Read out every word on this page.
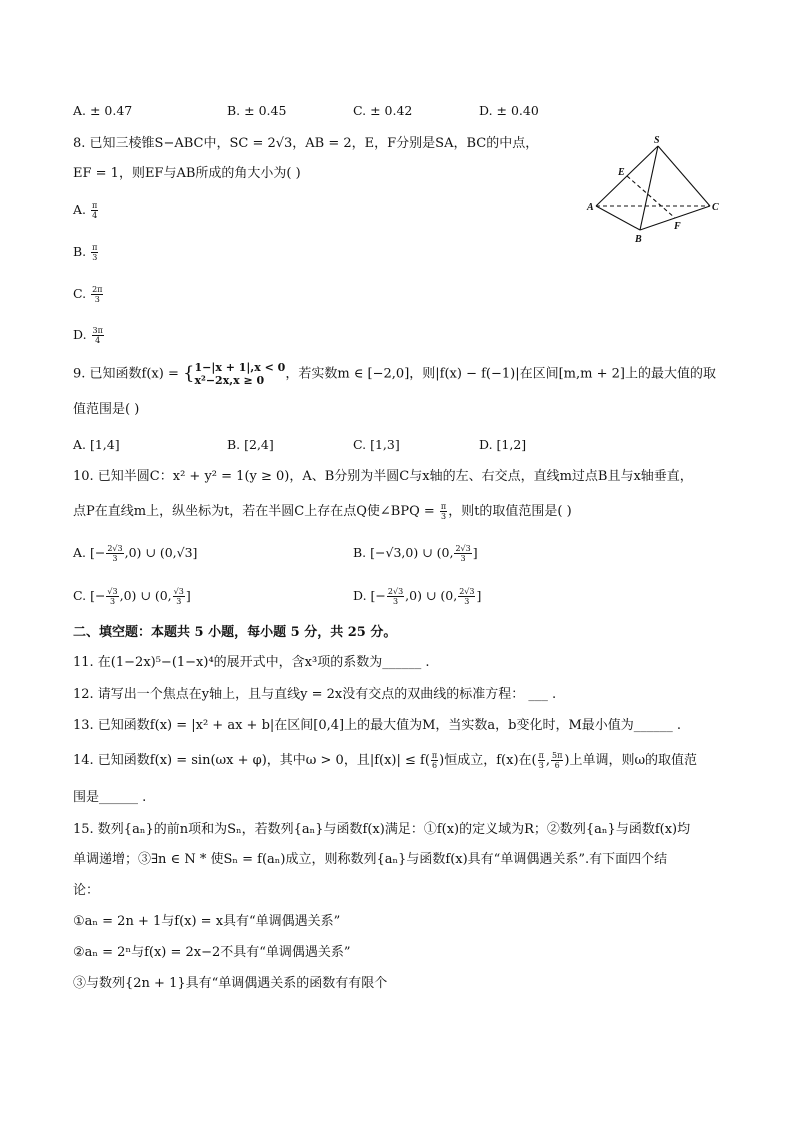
A. ± 0.47	B. ± 0.45	C. ± 0.42	D. ± 0.40
8. 已知三棱锥S−ABC中，SC = 2√3，AB = 2，E，F分别是SA，BC的中点，
EF = 1，则EF与AB所成的角大小为( )
A. $\frac{\pi}{4}$
B. $\frac{\pi}{3}$
C. $\frac{2\pi}{3}$
D. $\frac{3\pi}{4}$
S
E
A
B
C
F
9. 已知函数f(x) = { 1−|x + 1|,x < 0
x²−2x,x ≥ 0	，若实数m ∈ [−2,0]，则|f(x) − f(−1)|在区间[m,m + 2]上的最大值的取
值范围是( )
A. [1,4]	B. [2,4]	C. [1,3]	D. [1,2]
10. 已知半圆C：x² + y² = 1(y ≥ 0)，A、B分别为半圆C与x轴的左、右交点，直线m过点B且与x轴垂直，
点P在直线m上，纵坐标为t，若在半圆C上存在点Q使∠BPQ = $\frac{\pi}{3}$ ，则t的取值范围是( )
A. [− $\frac{2√3}{3} ,0$) ∪ (0,√3]	B. [−√3,0) ∪ (0, $\frac{2√3}{3}$ ]
C. [− $\frac{√3}{3} ,0$) ∪ (0, $\frac{√3}{3}$ ]	D. [− $\frac{2√3}{3} ,0$) ∪ (0, $\frac{2√3}{3}$ ]
二、填空题：本题共 5 小题，每小题 5 分，共 25 分。
11. 在(1−2x)⁵−(1−x)⁴的展开式中，含x³项的系数为______ .
12. 请写出一个焦点在y轴上，且与直线y = 2x没有交点的双曲线的标准方程： ___ .
13. 已知函数f(x) = |x² + ax + b|在区间[0,4]上的最大值为M，当实数a，b变化时，M最小值为______ .
14. 已知函数f(x) = sin(ωx + φ)，其中ω > 0，且$|f(x)| \le f( \frac{\pi}{6}$ )恒成立，f(x)在( $\frac{\pi}{3}$ , $\frac{5\pi}{6}$ )上单调，则ω的取值范
围是______ .
15. 数列{aₙ}的前n项和为Sₙ，若数列{aₙ}与函数f(x)满足：①f(x)的定义域为R；②数列{aₙ}与函数f(x)均
单调递增；③∃n ∈ N * 使Sₙ = f(aₙ)成立，则称数列{aₙ}与函数f(x)具有“单调偶遇关系”.有下面四个结
论：
①aₙ = 2n + 1与f(x) = x具有“单调偶遇关系”
②aₙ = 2ⁿ与f(x) = 2x−2不具有“单调偶遇关系”
③与数列{2n + 1}具有“单调偶遇关系的函数有有限个
